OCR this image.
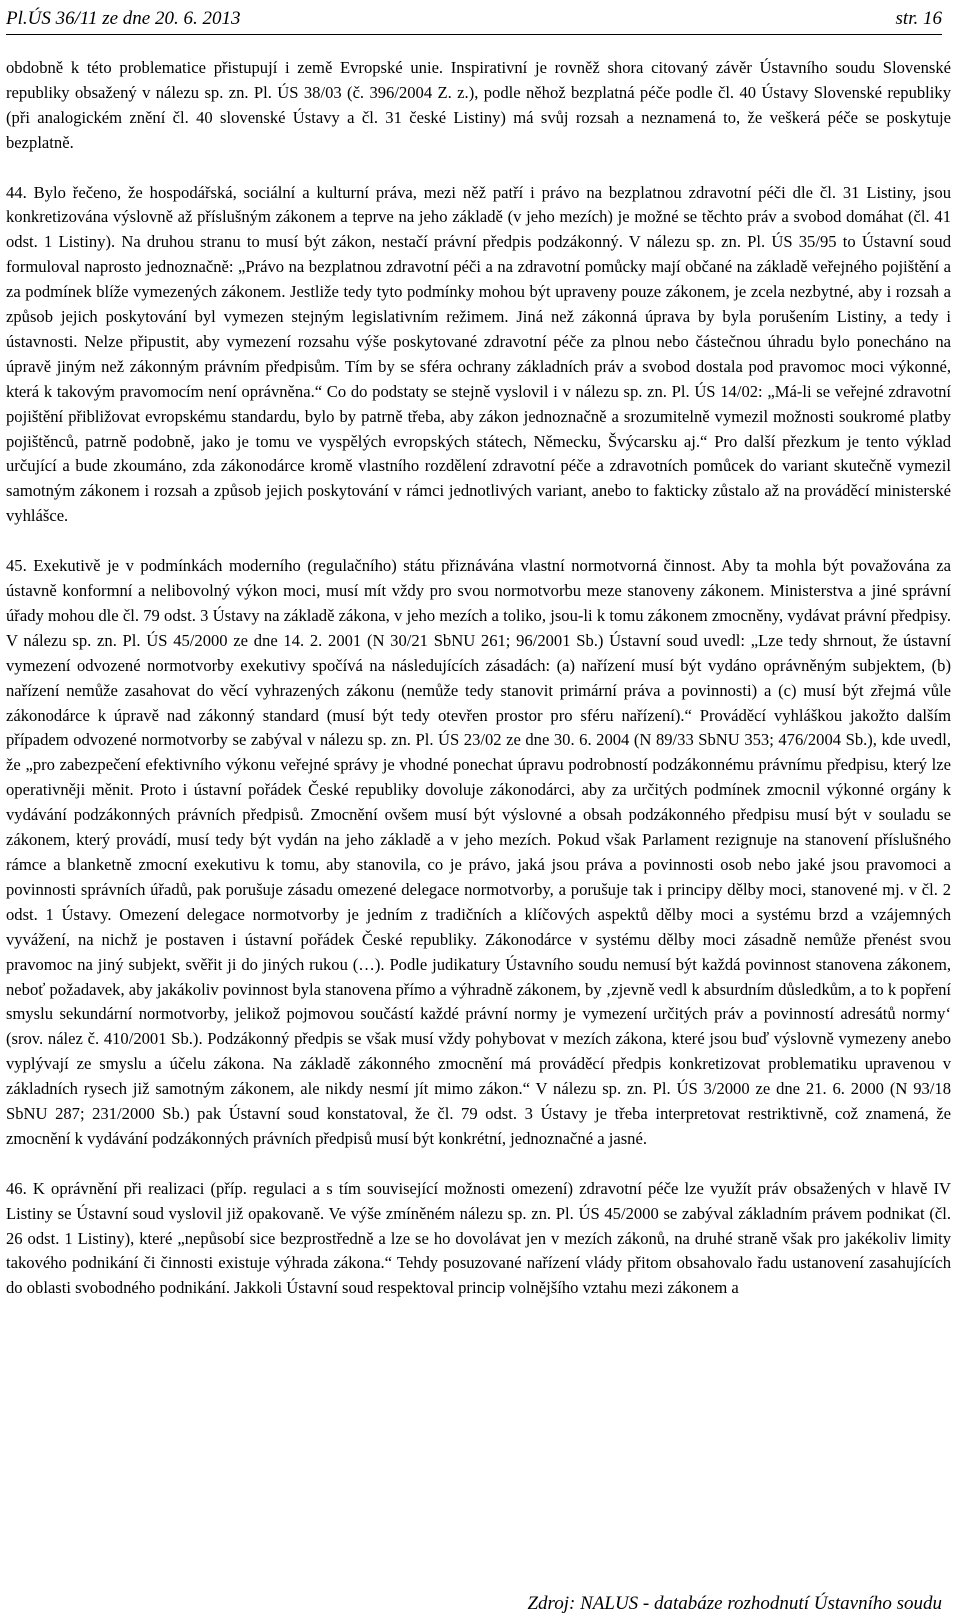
Pl.ÚS 36/11 ze dne 20. 6. 2013	str. 16

obdobně k této problematice přistupují i země Evropské unie. Inspirativní je rovněž shora citovaný závěr Ústavního soudu Slovenské republiky obsažený v nálezu sp. zn. Pl. ÚS 38/03 (č. 396/2004 Z. z.), podle něhož bezplatná péče podle čl. 40 Ústavy Slovenské republiky (při analogickém znění čl. 40 slovenské Ústavy a čl. 31 české Listiny) má svůj rozsah a neznamená to, že veškerá péče se poskytuje bezplatně.

44. Bylo řečeno, že hospodářská, sociální a kulturní práva, mezi něž patří i právo na bezplatnou zdravotní péči dle čl. 31 Listiny, jsou konkretizována výslovně až příslušným zákonem a teprve na jeho základě (v jeho mezích) je možné se těchto práv a svobod domáhat (čl. 41 odst. 1 Listiny). Na druhou stranu to musí být zákon, nestačí právní předpis podzákonný. V nálezu sp. zn. Pl. ÚS 35/95 to Ústavní soud formuloval naprosto jednoznačně: „Právo na bezplatnou zdravotní péči a na zdravotní pomůcky mají občané na základě veřejného pojištění a za podmínek blíže vymezených zákonem. Jestliže tedy tyto podmínky mohou být upraveny pouze zákonem, je zcela nezbytné, aby i rozsah a způsob jejich poskytování byl vymezen stejným legislativním režimem. Jiná než zákonná úprava by byla porušením Listiny, a tedy i ústavnosti. Nelze připustit, aby vymezení rozsahu výše poskytované zdravotní péče za plnou nebo částečnou úhradu bylo ponecháno na úpravě jiným než zákonným právním předpisům. Tím by se sféra ochrany základních práv a svobod dostala pod pravomoc moci výkonné, která k takovým pravomocím není oprávněna.“ Co do podstaty se stejně vyslovil i v nálezu sp. zn. Pl. ÚS 14/02: „Má-li se veřejné zdravotní pojištění přibližovat evropskému standardu, bylo by patrně třeba, aby zákon jednoznačně a srozumitelně vymezil možnosti soukromé platby pojištěnců, patrně podobně, jako je tomu ve vyspělých evropských státech, Německu, Švýcarsku aj.“ Pro další přezkum je tento výklad určující a bude zkoumáno, zda zákonodárce kromě vlastního rozdělení zdravotní péče a zdravotních pomůcek do variant skutečně vymezil samotným zákonem i rozsah a způsob jejich poskytování v rámci jednotlivých variant, anebo to fakticky zůstalo až na prováděcí ministerské vyhlášce.

45. Exekutivě je v podmínkách moderního (regulačního) státu přiznávána vlastní normotvorná činnost. Aby ta mohla být považována za ústavně konformní a nelibovolný výkon moci, musí mít vždy pro svou normotvorbu meze stanoveny zákonem. Ministerstva a jiné správní úřady mohou dle čl. 79 odst. 3 Ústavy na základě zákona, v jeho mezích a toliko, jsou-li k tomu zákonem zmocněny, vydávat právní předpisy. V nálezu sp. zn. Pl. ÚS 45/2000 ze dne 14. 2. 2001 (N 30/21 SbNU 261; 96/2001 Sb.) Ústavní soud uvedl: „Lze tedy shrnout, že ústavní vymezení odvozené normotvorby exekutivy spočívá na následujících zásadách: (a) nařízení musí být vydáno oprávněným subjektem, (b) nařízení nemůže zasahovat do věcí vyhrazených zákonu (nemůže tedy stanovit primární práva a povinnosti) a (c) musí být zřejmá vůle zákonodárce k úpravě nad zákonný standard (musí být tedy otevřen prostor pro sféru nařízení).“ Prováděcí vyhláškou jakožto dalším případem odvozené normotvorby se zabýval v nálezu sp. zn. Pl. ÚS 23/02 ze dne 30. 6. 2004 (N 89/33 SbNU 353; 476/2004 Sb.), kde uvedl, že „pro zabezpečení efektivního výkonu veřejné správy je vhodné ponechat úpravu podrobností podzákonnému právnímu předpisu, který lze operativněji měnit. Proto i ústavní pořádek České republiky dovoluje zákonodárci, aby za určitých podmínek zmocnil výkonné orgány k vydávání podzákonných právních předpisů. Zmocnění ovšem musí být výslovné a obsah podzákonného předpisu musí být v souladu se zákonem, který provádí, musí tedy být vydán na jeho základě a v jeho mezích. Pokud však Parlament rezignuje na stanovení příslušného rámce a blanketně zmocní exekutivu k tomu, aby stanovila, co je právo, jaká jsou práva a povinnosti osob nebo jaké jsou pravomoci a povinnosti správních úřadů, pak porušuje zásadu omezené delegace normotvorby, a porušuje tak i principy dělby moci, stanovené mj. v čl. 2 odst. 1 Ústavy. Omezení delegace normotvorby je jedním z tradičních a klíčových aspektů dělby moci a systému brzd a vzájemných vyvážení, na nichž je postaven i ústavní pořádek České republiky. Zákonodárce v systému dělby moci zásadně nemůže přenést svou pravomoc na jiný subjekt, svěřit ji do jiných rukou (…). Podle judikatury Ústavního soudu nemusí být každá povinnost stanovena zákonem, neboť požadavek, aby jakákoliv povinnost byla stanovena přímo a výhradně zákonem, by ‚zjevně vedl k absurdním důsledkům, a to k popření smyslu sekundární normotvorby, jelikož pojmovou součástí každé právní normy je vymezení určitých práv a povinností adresátů normy‘ (srov. nález č. 410/2001 Sb.). Podzákonný předpis se však musí vždy pohybovat v mezích zákona, které jsou buď výslovně vymezeny anebo vyplývají ze smyslu a účelu zákona. Na základě zákonného zmocnění má prováděcí předpis konkretizovat problematiku upravenou v základních rysech již samotným zákonem, ale nikdy nesmí jít mimo zákon.“ V nálezu sp. zn. Pl. ÚS 3/2000 ze dne 21. 6. 2000 (N 93/18 SbNU 287; 231/2000 Sb.) pak Ústavní soud konstatoval, že čl. 79 odst. 3 Ústavy je třeba interpretovat restriktivně, což znamená, že zmocnění k vydávání podzákonných právních předpisů musí být konkrétní, jednoznačné a jasné.

46. K oprávnění při realizaci (příp. regulaci a s tím související možnosti omezení) zdravotní péče lze využít práv obsažených v hlavě IV Listiny se Ústavní soud vyslovil již opakovaně. Ve výše zmíněném nálezu sp. zn. Pl. ÚS 45/2000 se zabýval základním právem podnikat (čl. 26 odst. 1 Listiny), které „nepůsobí sice bezprostředně a lze se ho dovolávat jen v mezích zákonů, na druhé straně však pro jakékoliv limity takového podnikání či činnosti existuje výhrada zákona.“ Tehdy posuzované nařízení vlády přitom obsahovalo řadu ustanovení zasahujících do oblasti svobodného podnikání. Jakkoli Ústavní soud respektoval princip volnějšího vztahu mezi zákonem a

Zdroj: NALUS - databáze rozhodnutí Ústavního soudu
